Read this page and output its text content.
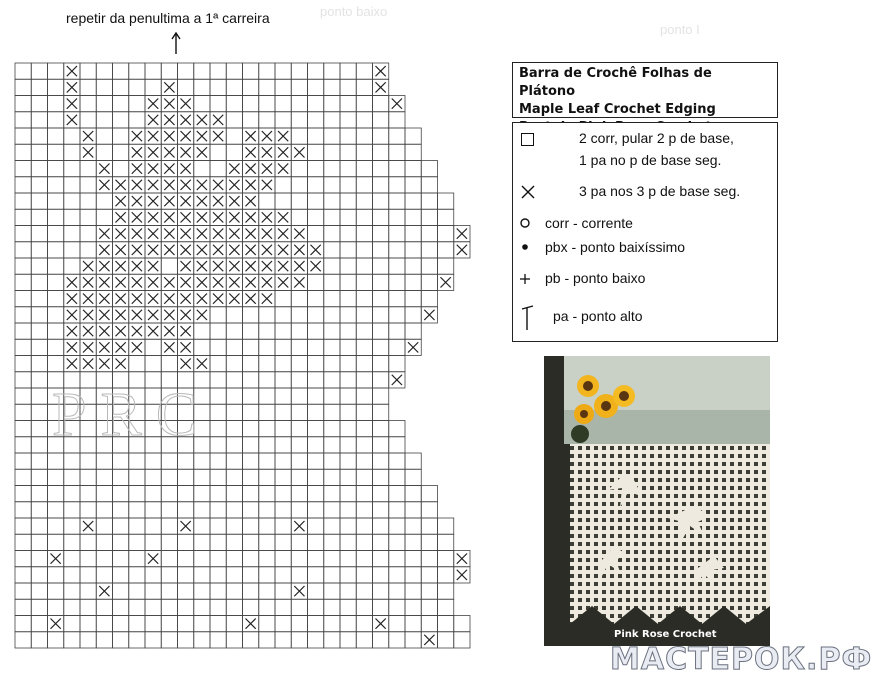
ponto baixo
ponto I
repetir da penultima a 1ª carreira
PRC
Barra de Crochê Folhas de Plátono
Maple Leaf Crochet Edging
2 corr, pular 2 p de base,
1 pa no p de base seg.
3 pa nos 3 p de base seg.
corr - corrente
pbx - ponto baixíssimo
pb - ponto baixo
pa - ponto alto
Pink Rose Crochet
МАСТЕРОК.РФ
